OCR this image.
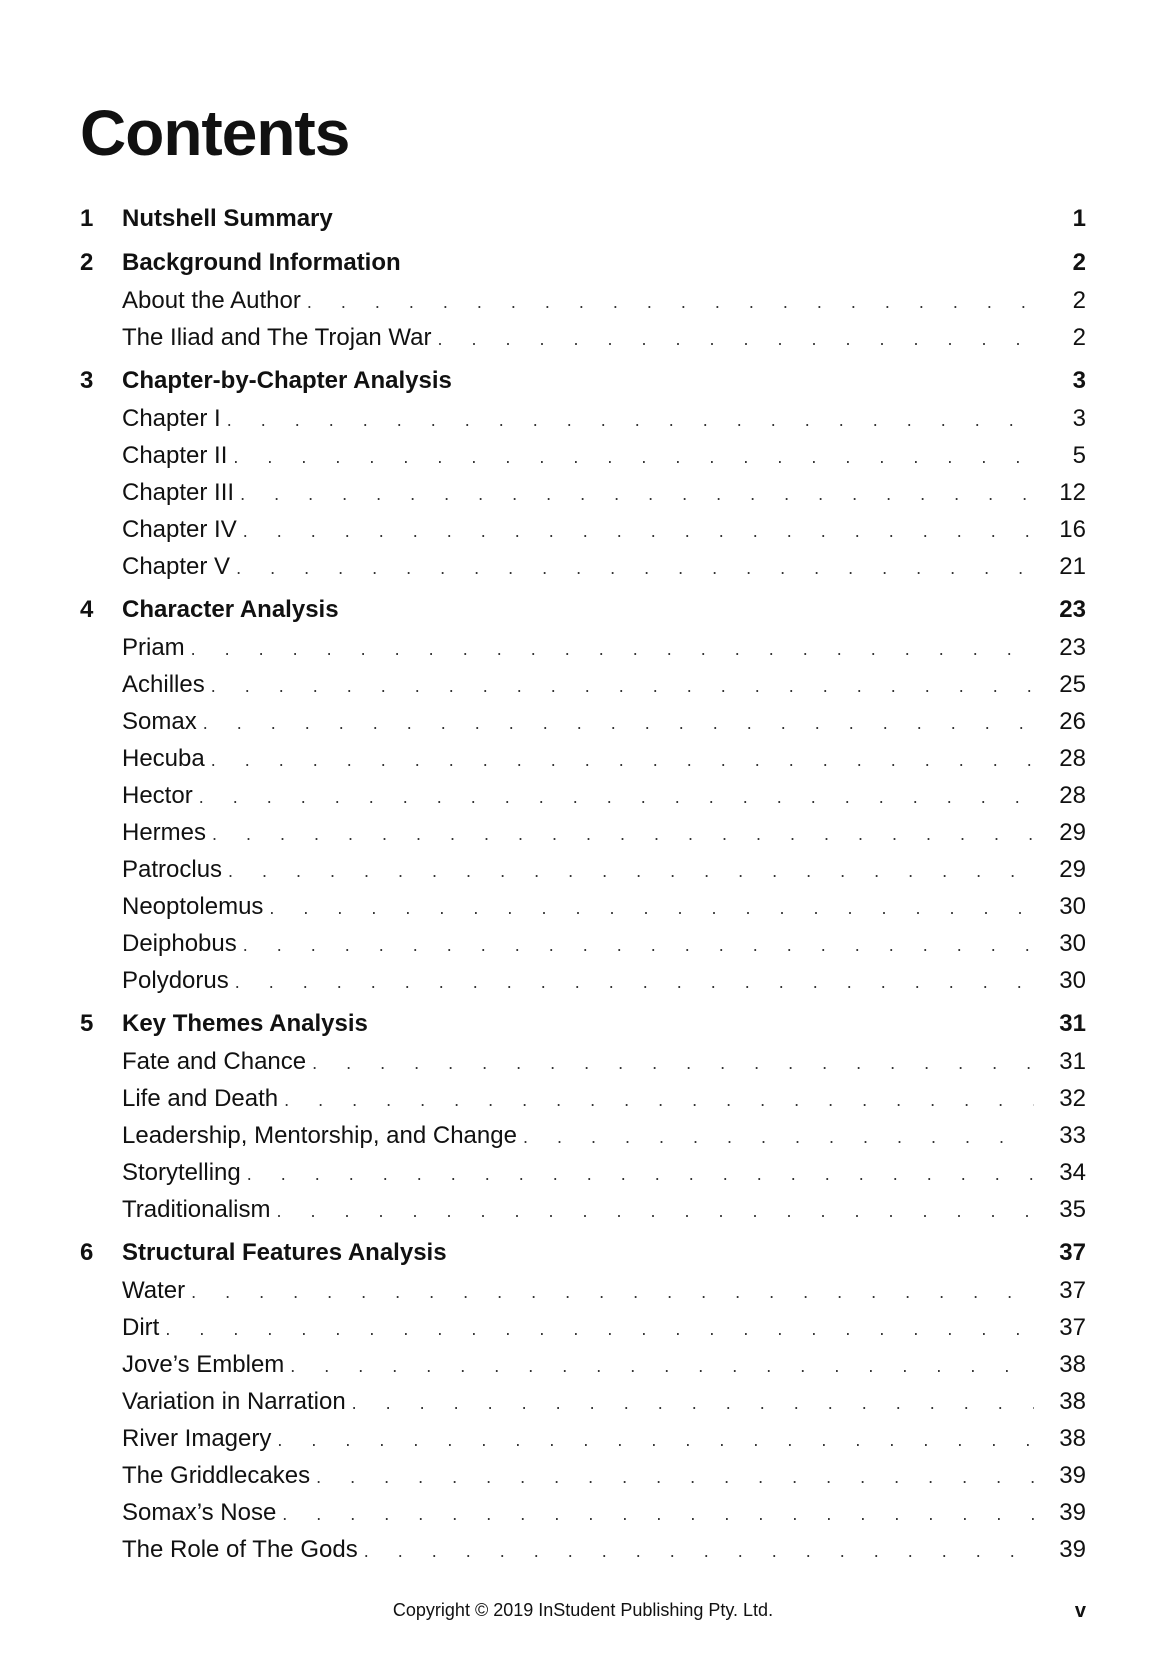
Contents
1	Nutshell Summary	1
2	Background Information	2
About the Author . . .	2
The Iliad and The Trojan War . . .	2
3	Chapter-by-Chapter Analysis	3
Chapter I . . .	3
Chapter II . . .	5
Chapter III . . .	12
Chapter IV . . .	16
Chapter V . . .	21
4	Character Analysis	23
Priam . . .	23
Achilles . . .	25
Somax . . .	26
Hecuba . . .	28
Hector . . .	28
Hermes . . .	29
Patroclus . . .	29
Neoptolemus . . .	30
Deiphobus . . .	30
Polydorus . . .	30
5	Key Themes Analysis	31
Fate and Chance . . .	31
Life and Death . . .	32
Leadership, Mentorship, and Change . . .	33
Storytelling . . .	34
Traditionalism . . .	35
6	Structural Features Analysis	37
Water . . .	37
Dirt . . .	37
Jove’s Emblem . . .	38
Variation in Narration . . .	38
River Imagery . . .	38
The Griddlecakes . . .	39
Somax’s Nose . . .	39
The Role of The Gods . . .	39
Copyright © 2019 InStudent Publishing Pty. Ltd.	v
